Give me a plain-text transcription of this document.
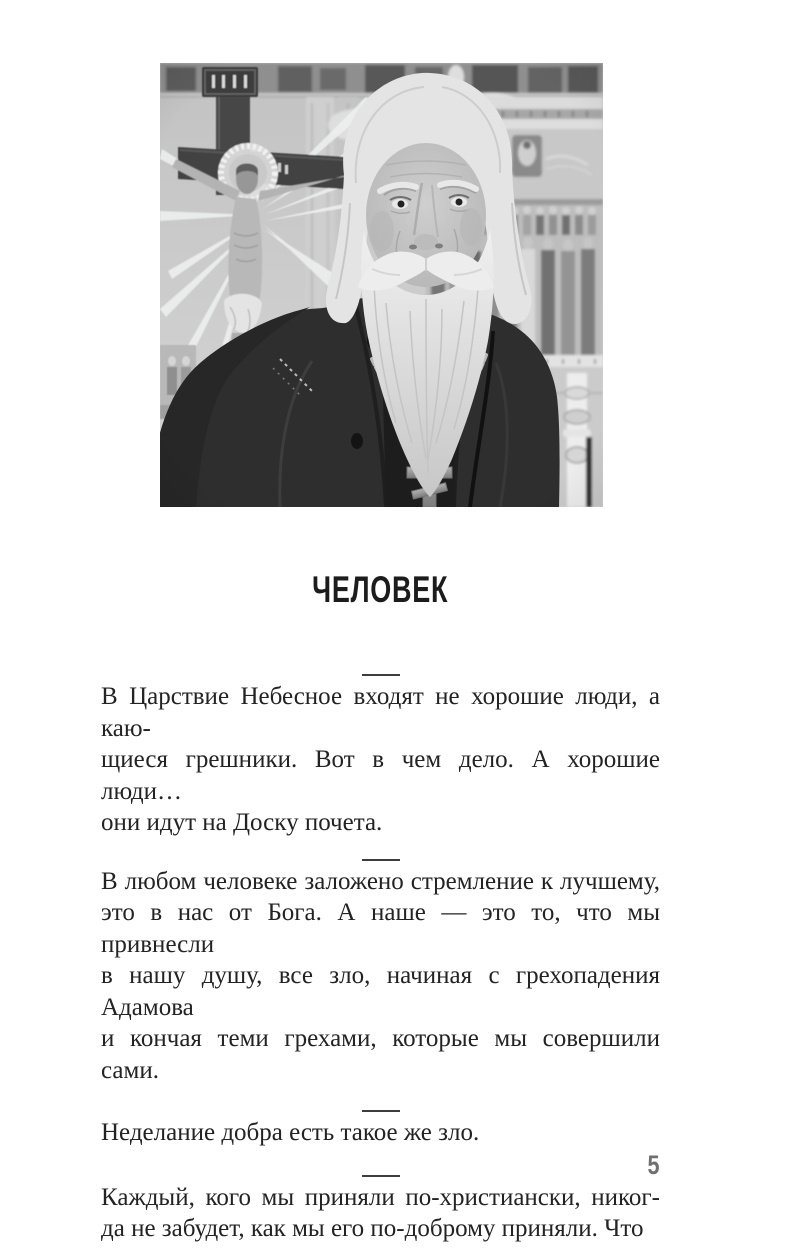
ЧЕЛОВЕК

В Царствие Небесное входят не хорошие люди, а каю-
щиеся грешники. Вот в чем дело. А хорошие люди…
они идут на Доску почета.

В любом человеке заложено стремление к лучшему,
это в нас от Бога. А наше — это то, что мы привнесли
в нашу душу, все зло, начиная с грехопадения Адамова
и кончая теми грехами, которые мы совершили сами.

Неделание добра есть такое же зло.

Каждый, кого мы приняли по-христиански, никог-
да не забудет, как мы его по-доброму приняли. Что

5
